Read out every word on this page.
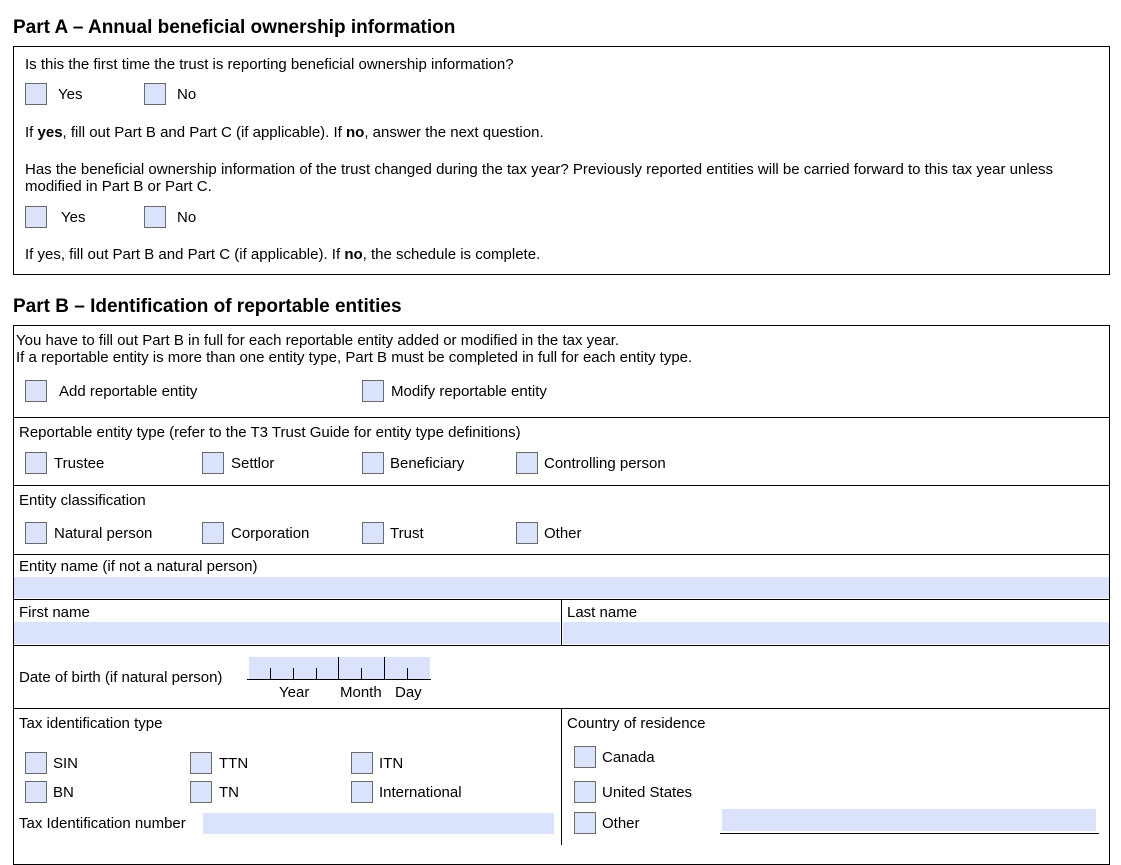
Part A – Annual beneficial ownership information
Is this the first time the trust is reporting beneficial ownership information?
Yes	No
If yes, fill out Part B and Part C (if applicable). If no, answer the next question.
Has the beneficial ownership information of the trust changed during the tax year? Previously reported entities will be carried forward to this tax year unless
modified in Part B or Part C.
Yes	No
If yes, fill out Part B and Part C (if applicable). If no, the schedule is complete.
Part B – Identification of reportable entities
You have to fill out Part B in full for each reportable entity added or modified in the tax year.
If a reportable entity is more than one entity type, Part B must be completed in full for each entity type.
Add reportable entity	Modify reportable entity
Reportable entity type (refer to the T3 Trust Guide for entity type definitions)
Trustee	Settlor	Beneficiary	Controlling person
Entity classification
Natural person	Corporation	Trust	Other
Entity name (if not a natural person)
First name	Last name
Date of birth (if natural person)
Year Month Day
Tax identification type
SIN	TTN	ITN
BN	TN	International
Tax Identification number
Country of residence
Canada
United States
Other
